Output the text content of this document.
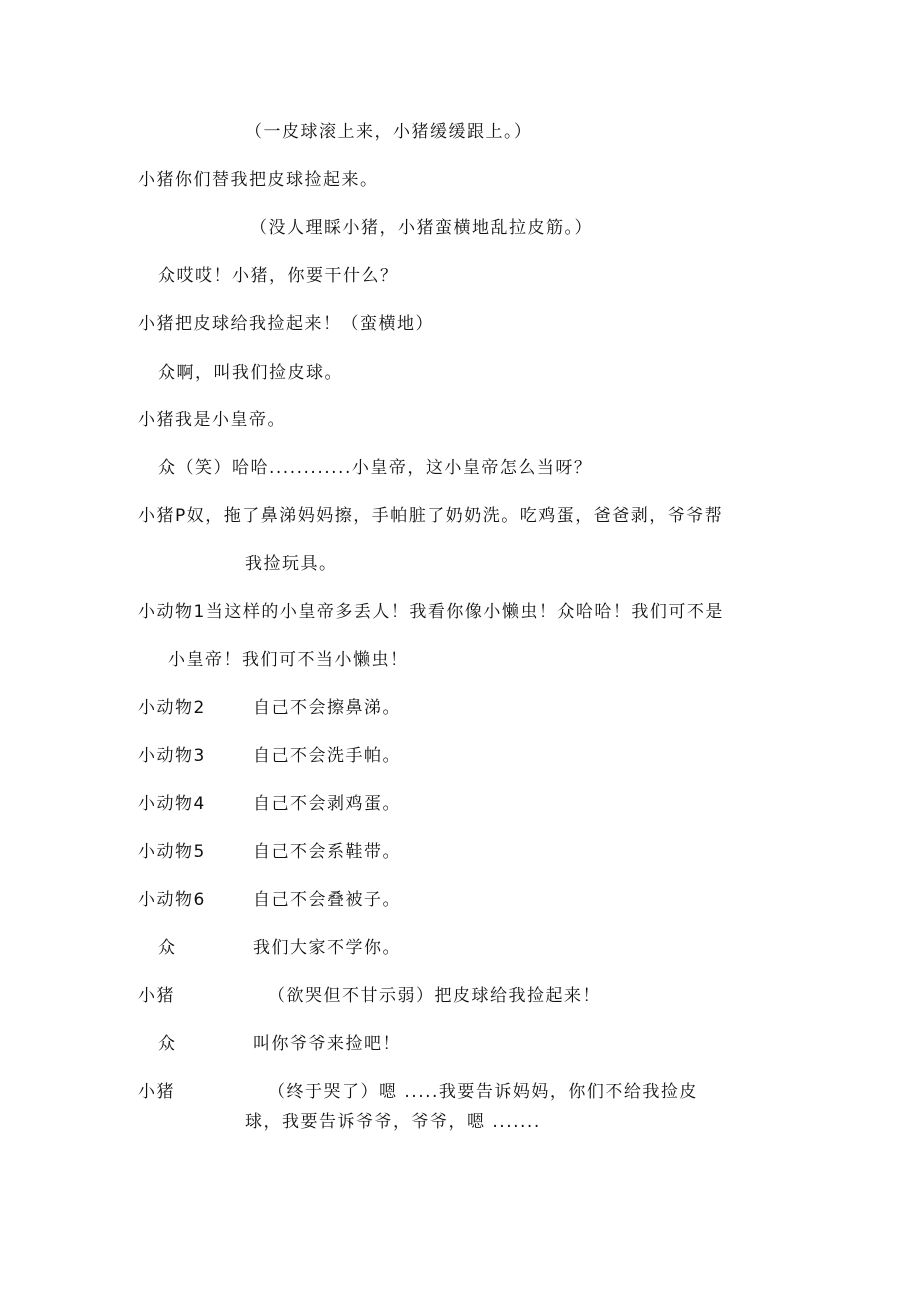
（一皮球滚上来，小猪缓缓跟上。）
小猪你们替我把皮球捡起来。
（没人理睬小猪，小猪蛮横地乱拉皮筋。）
众哎哎！小猪，你要干什么？
小猪把皮球给我捡起来！（蛮横地）
众啊，叫我们捡皮球。
小猪我是小皇帝。
众（笑）哈哈............小皇帝，这小皇帝怎么当呀？
小猪P奴，拖了鼻涕妈妈擦，手帕脏了奶奶洗。吃鸡蛋，爸爸剥，爷爷帮
我捡玩具。
小动物1当这样的小皇帝多丢人！我看你像小懒虫！众哈哈！我们可不是
小皇帝！我们可不当小懒虫！
小动物2	自己不会擦鼻涕。
小动物3	自己不会洗手帕。
小动物4	自己不会剥鸡蛋。
小动物5	自己不会系鞋带。
小动物6	自己不会叠被子。
众	我们大家不学你。
小猪	（欲哭但不甘示弱）把皮球给我捡起来！
众	叫你爷爷来捡吧！
小猪	（终于哭了）嗯 .....我要告诉妈妈，你们不给我捡皮
球，我要告诉爷爷，爷爷，嗯 .......
